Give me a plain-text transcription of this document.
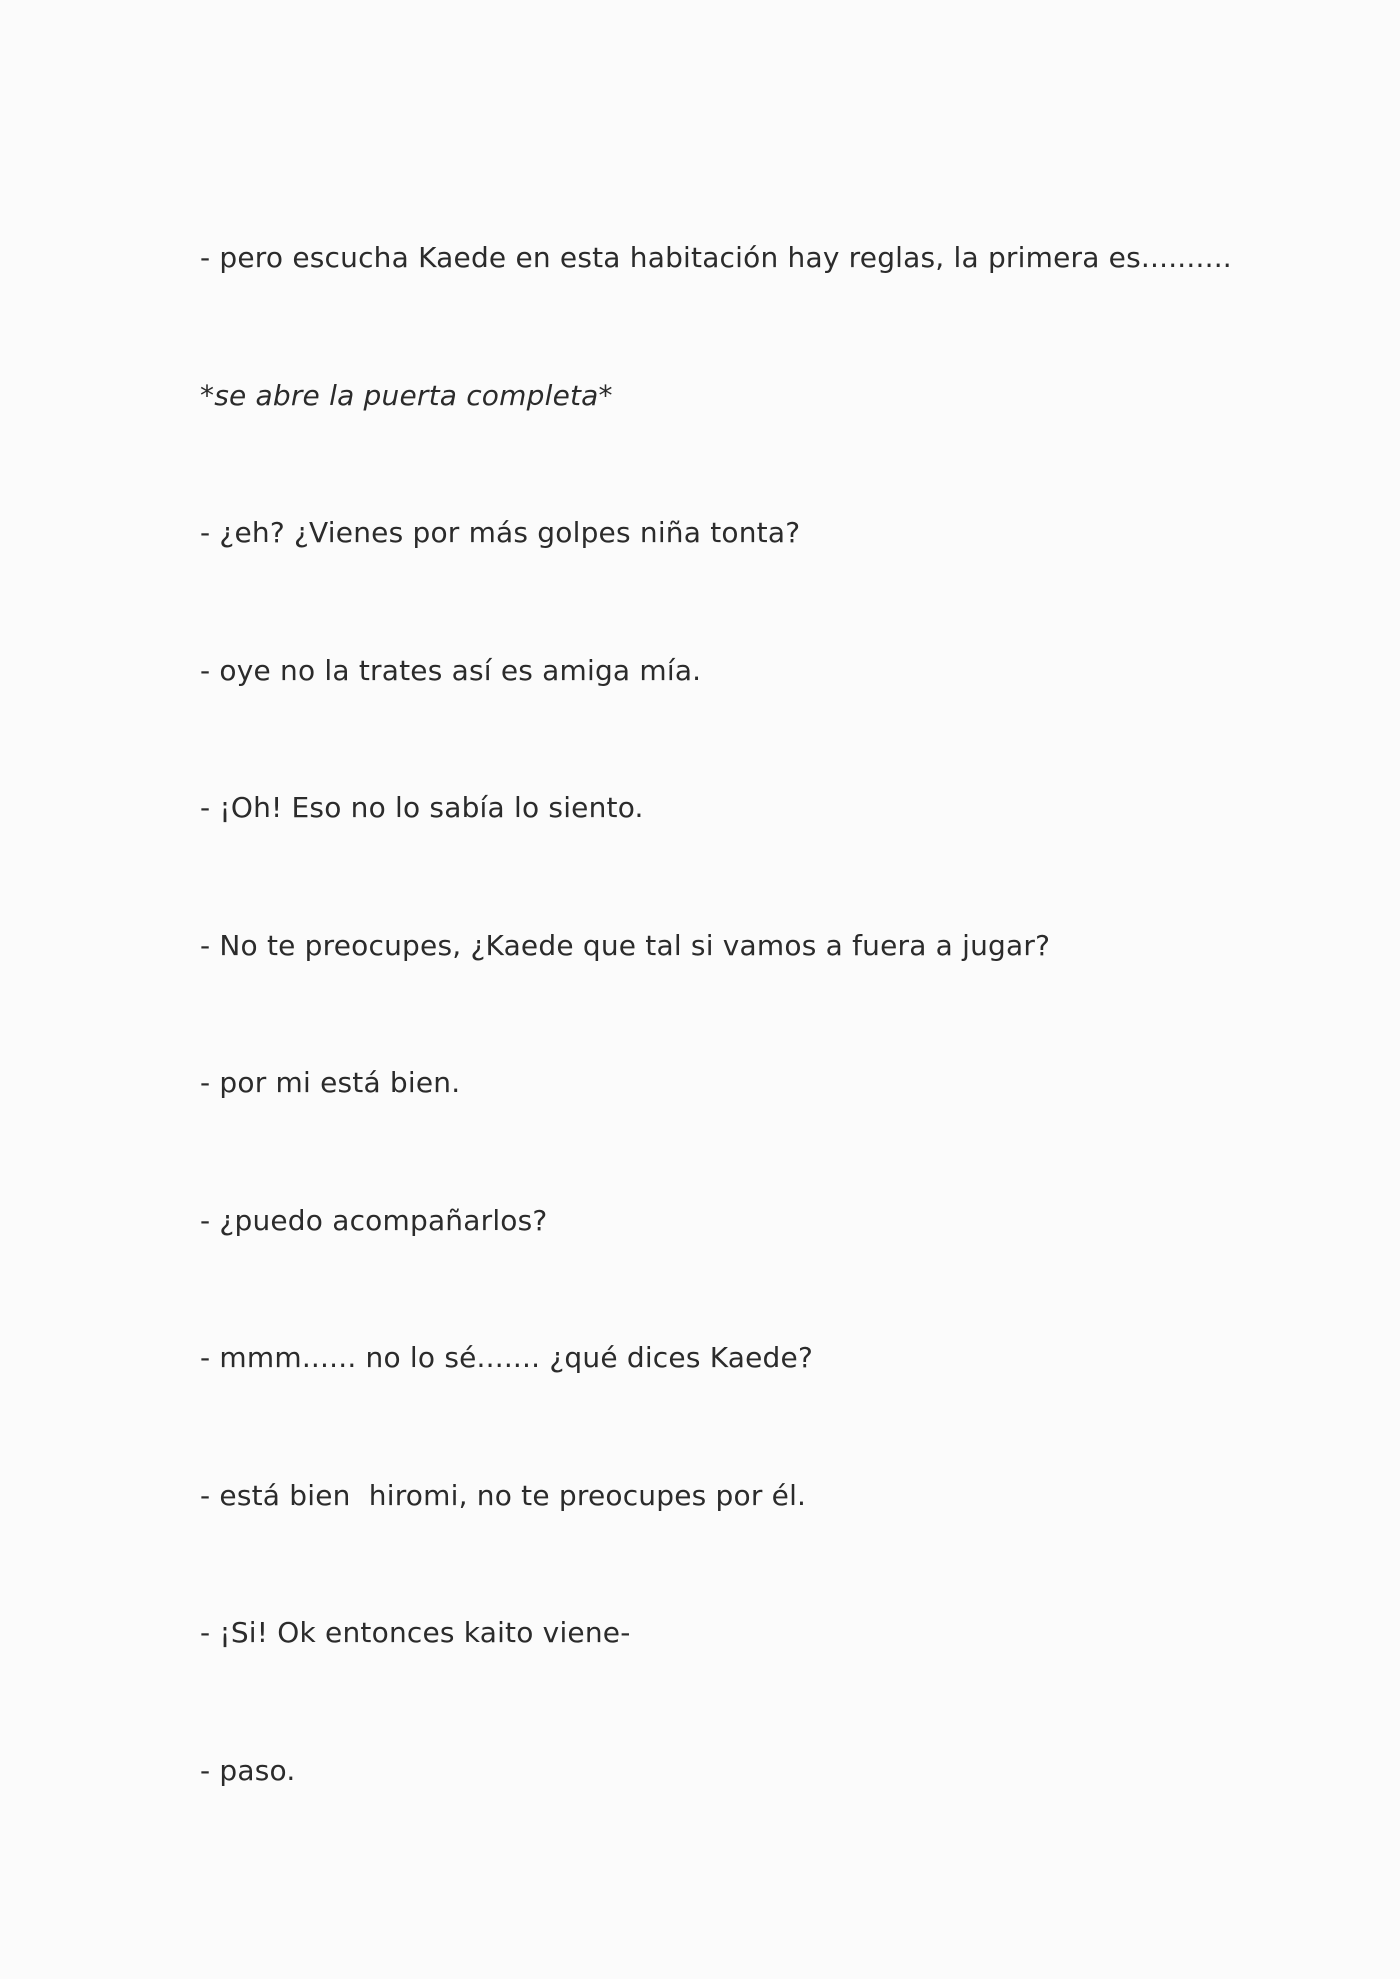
- pero escucha Kaede en esta habitación hay reglas, la primera es..........
*se abre la puerta completa*
- ¿eh? ¿Vienes por más golpes niña tonta?
- oye no la trates así es amiga mía.
- ¡Oh! Eso no lo sabía lo siento.
- No te preocupes, ¿Kaede que tal si vamos a fuera a jugar?
- por mi está bien.
- ¿puedo acompañarlos?
- mmm...... no lo sé....... ¿qué dices Kaede?
- está bien  hiromi, no te preocupes por él.
- ¡Si! Ok entonces kaito viene-
- paso.
